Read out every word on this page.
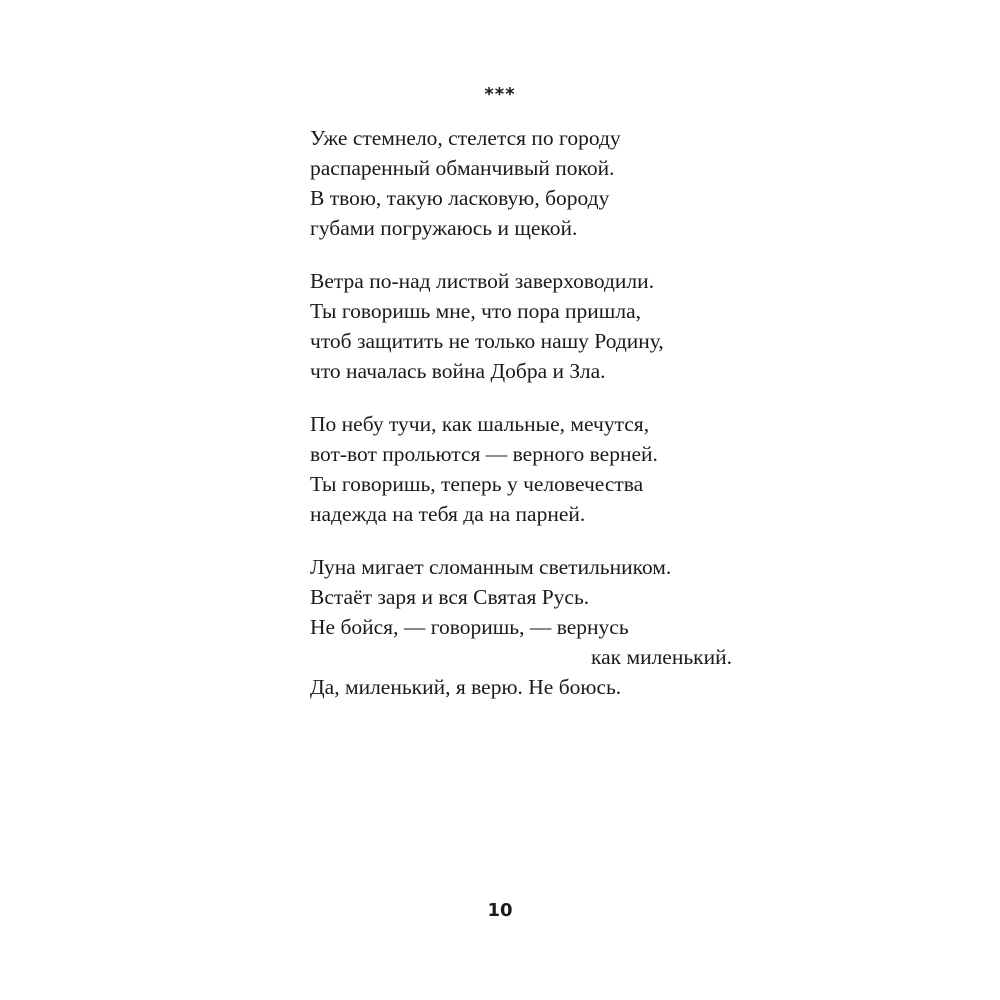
***
Уже стемнело, стелется по городу
распаренный обманчивый покой.
В твою, такую ласковую, бороду
губами погружаюсь и щекой.
Ветра по-над листвой заверховодили.
Ты говоришь мне, что пора пришла,
чтоб защитить не только нашу Родину,
что началась война Добра и Зла.
По небу тучи, как шальные, мечутся,
вот-вот прольются — верного верней.
Ты говоришь, теперь у человечества
надежда на тебя да на парней.
Луна мигает сломанным светильником.
Встаёт заря и вся Святая Русь.
Не бойся, — говоришь, — вернусь
как миленький.
Да, миленький, я верю. Не боюсь.
10
